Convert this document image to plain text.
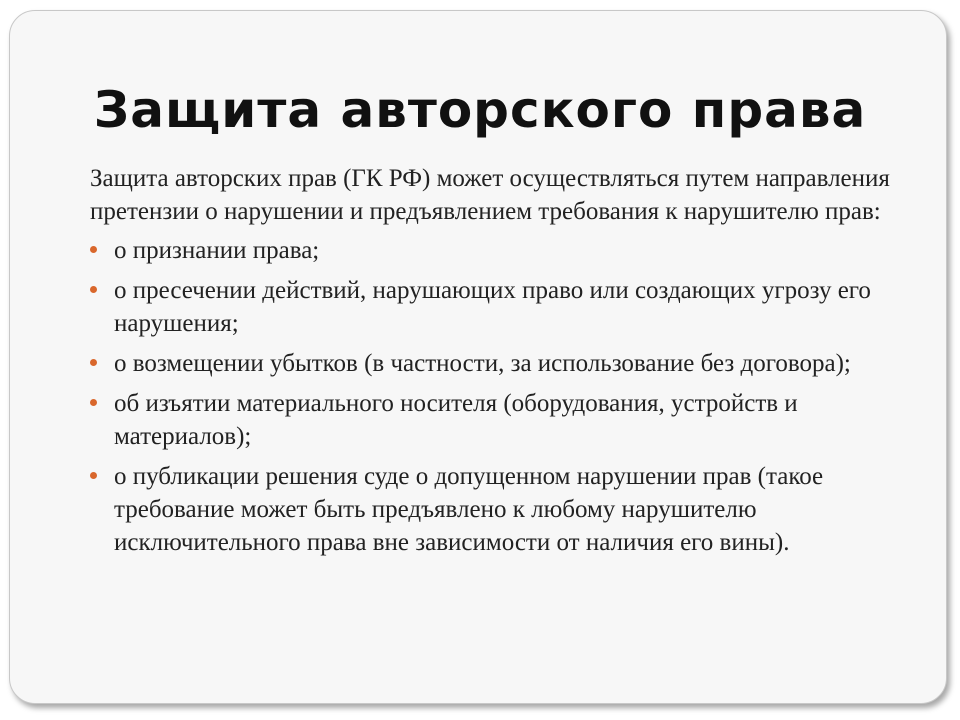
Защита авторского права

Защита авторских прав (ГК РФ) может осуществляться путем направления претензии о нарушении и предъявлением требования к нарушителю прав:

о признании права;
о пресечении действий, нарушающих право или создающих угрозу его нарушения;
о возмещении убытков (в частности, за использование без договора);
об изъятии материального носителя (оборудования, устройств и материалов);
о публикации решения суде о допущенном нарушении прав (такое требование может быть предъявлено к любому нарушителю исключительного права вне зависимости от наличия его вины).
